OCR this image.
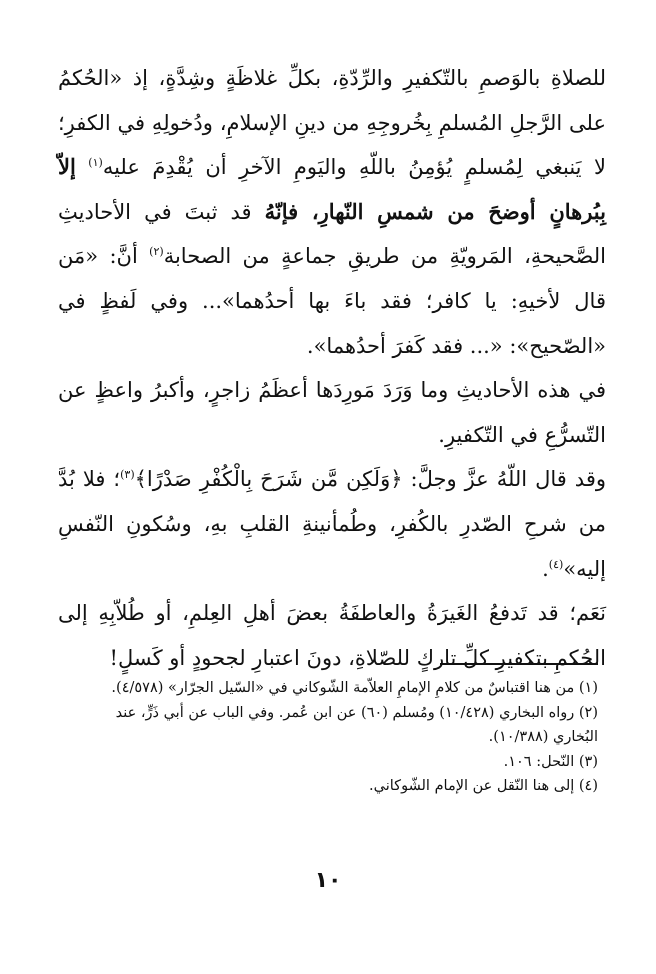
للصلاةِ بالوَصمِ بالتّكفيرِ والرِّدّةِ، بكلِّ غلاظَةٍ وشِدَّةٍ، إذ «الحُكمُ على الرَّجلِ المُسلمِ بِخُروجِهِ من دينِ الإسلامِ، ودُخولِهِ في الكفرِ؛ لا يَنبغي لِمُسلمٍ يُؤمِنُ باللّهِ واليَومِ الآخرِ أن يُقْدِمَ عليه$^{(١)}$ إلاّ بِبُرهانٍ أوضحَ من شمسِ النّهارِ، فإنّهُ قد ثبتَ في الأحاديثِ الصَّحيحةِ، المَرويّةِ من طريقِ جماعةٍ من الصحابة$^{(٢)}$ أنَّ: «مَن قال لأخيهِ: يا كافر؛ فقد باءَ بها أحدُهما»... وفي لَفظٍ في «الصّحيح»: «... فقد كَفرَ أحدُهما».

في هذه الأحاديثِ وما وَرَدَ مَورِدَها أعظَمُ زاجرٍ، وأكبرُ واعظٍ عن التّسرُّعِ في التّكفيرِ.

وقد قال اللّهُ عزَّ وجلَّ: ﴿وَلَكِن مَّن شَرَحَ بِالْكُفْرِ صَدْرًا﴾$^{(٣)}$؛ فلا بُدَّ من شرحِ الصّدرِ بالكُفرِ، وطُمأنينةِ القلبِ بهِ، وسُكونِ النّفسِ إليه»$^{(٤)}$.

نَعَم؛ قد تَدفعُ الغَيرَةُ والعاطفَةُ بعضَ أهلِ العِلمِ، أو طُلاّبِهِ إلى الحُكمِ بتكفيرِ كلِّ تاركٍ للصّلاةِ، دونَ اعتبارِ لجحودٍ أو كَسلٍ!

(١) من هنا اقتباسٌ من كلامِ الإمامِ العلاّمة الشّوكاني في «السّيل الجرّار» (٤/٥٧٨).

(٢) رواه البخاري (١٠/٤٢٨) ومُسلم (٦٠) عن ابن عُمر. وفي الباب عن أبي ذَرٍّ، عند البُخاري (١٠/٣٨٨).

(٣) النّحل: ١٠٦.

(٤) إلى هنا النّقل عن الإمام الشّوكاني.

١٠
